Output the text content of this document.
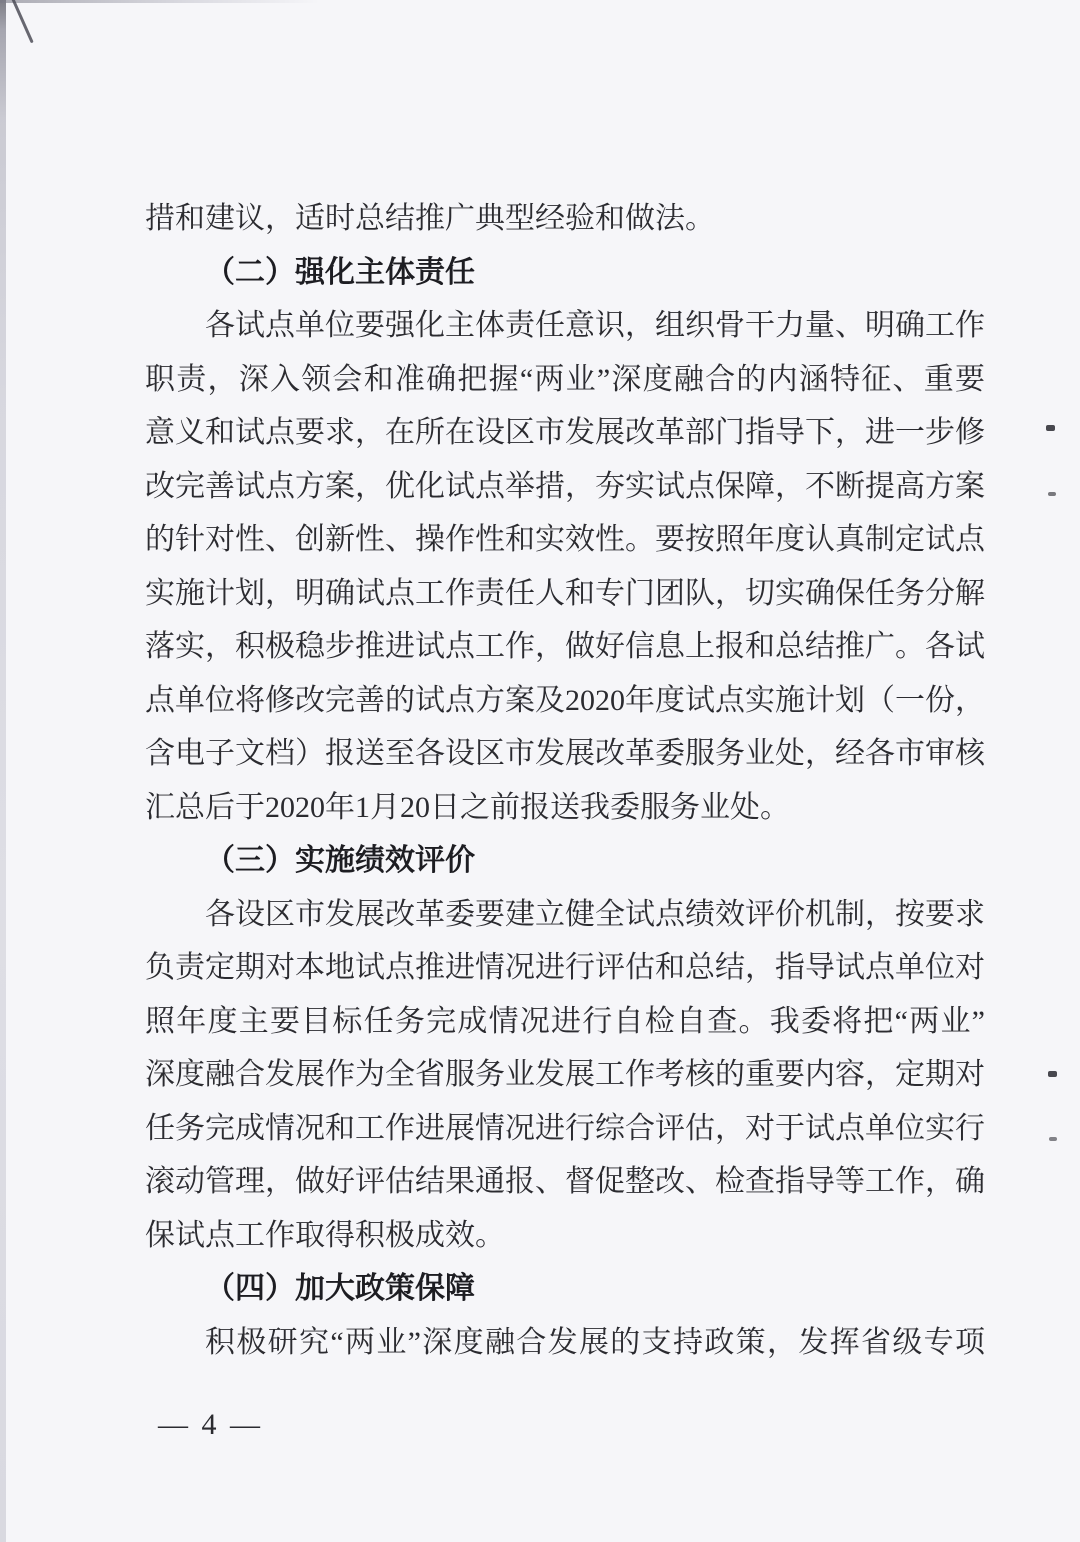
措和建议，适时总结推广典型经验和做法。
（二）强化主体责任
各试点单位要强化主体责任意识，组织骨干力量、明确工作
职责，深入领会和准确把握“两业”深度融合的内涵特征、重要
意义和试点要求，在所在设区市发展改革部门指导下，进一步修
改完善试点方案，优化试点举措，夯实试点保障，不断提高方案
的针对性、创新性、操作性和实效性。要按照年度认真制定试点
实施计划，明确试点工作责任人和专门团队，切实确保任务分解
落实，积极稳步推进试点工作，做好信息上报和总结推广。各试
点单位将修改完善的试点方案及2020年度试点实施计划（一份，
含电子文档）报送至各设区市发展改革委服务业处，经各市审核
汇总后于2020年1月20日之前报送我委服务业处。
（三）实施绩效评价
各设区市发展改革委要建立健全试点绩效评价机制，按要求
负责定期对本地试点推进情况进行评估和总结，指导试点单位对
照年度主要目标任务完成情况进行自检自查。我委将把“两业”
深度融合发展作为全省服务业发展工作考核的重要内容，定期对
任务完成情况和工作进展情况进行综合评估，对于试点单位实行
滚动管理，做好评估结果通报、督促整改、检查指导等工作，确
保试点工作取得积极成效。
（四）加大政策保障
积极研究“两业”深度融合发展的支持政策，发挥省级专项
— 4 —
